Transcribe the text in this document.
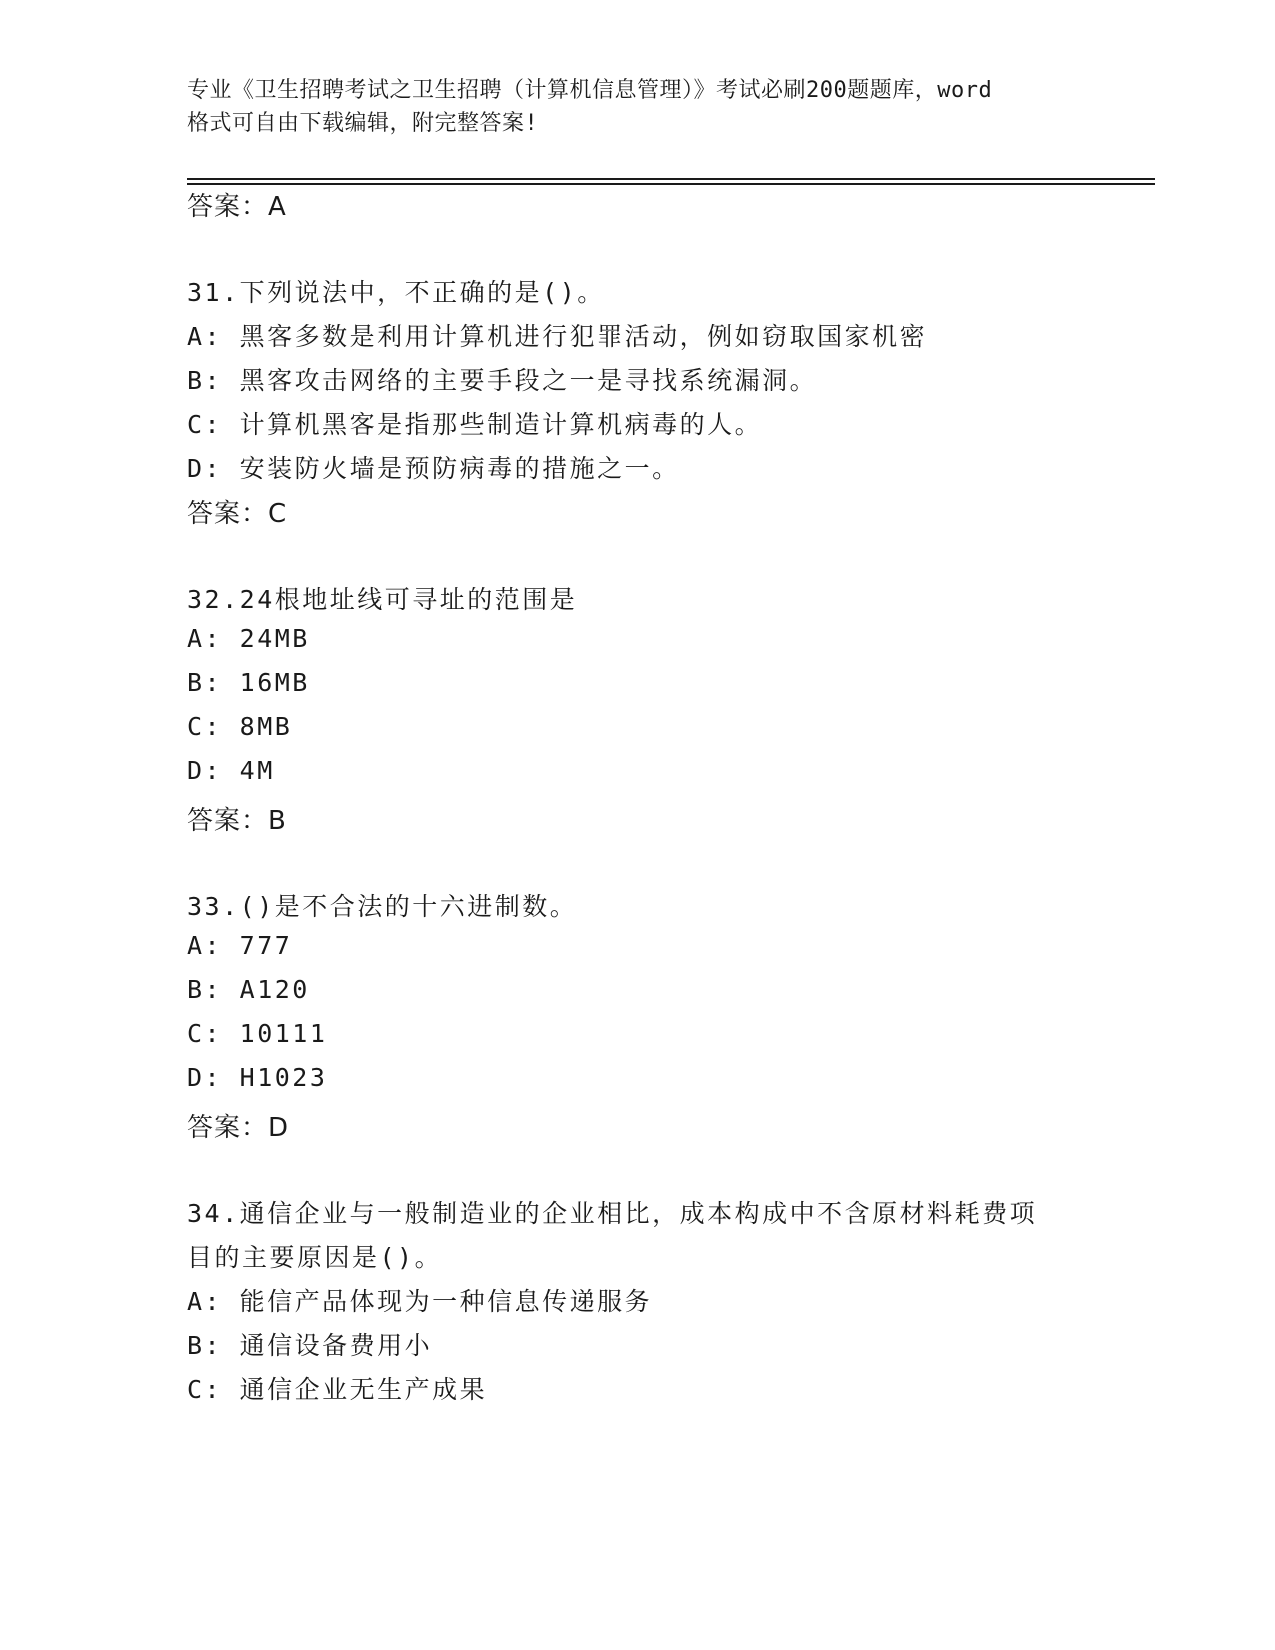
专业《卫生招聘考试之卫生招聘（计算机信息管理）》考试必刷200题题库，word
格式可自由下载编辑，附完整答案!
答案：A
31.下列说法中，不正确的是()。
A: 黑客多数是利用计算机进行犯罪活动，例如窃取国家机密
B: 黑客攻击网络的主要手段之一是寻找系统漏洞。
C: 计算机黑客是指那些制造计算机病毒的人。
D: 安装防火墙是预防病毒的措施之一。
答案：C
32.24根地址线可寻址的范围是
A: 24MB
B: 16MB
C: 8MB
D: 4M
答案：B
33.()是不合法的十六进制数。
A: 777
B: A120
C: 10111
D: H1023
答案：D
34.通信企业与一般制造业的企业相比，成本构成中不含原材料耗费项
目的主要原因是()。
A: 能信产品体现为一种信息传递服务
B: 通信设备费用小
C: 通信企业无生产成果
